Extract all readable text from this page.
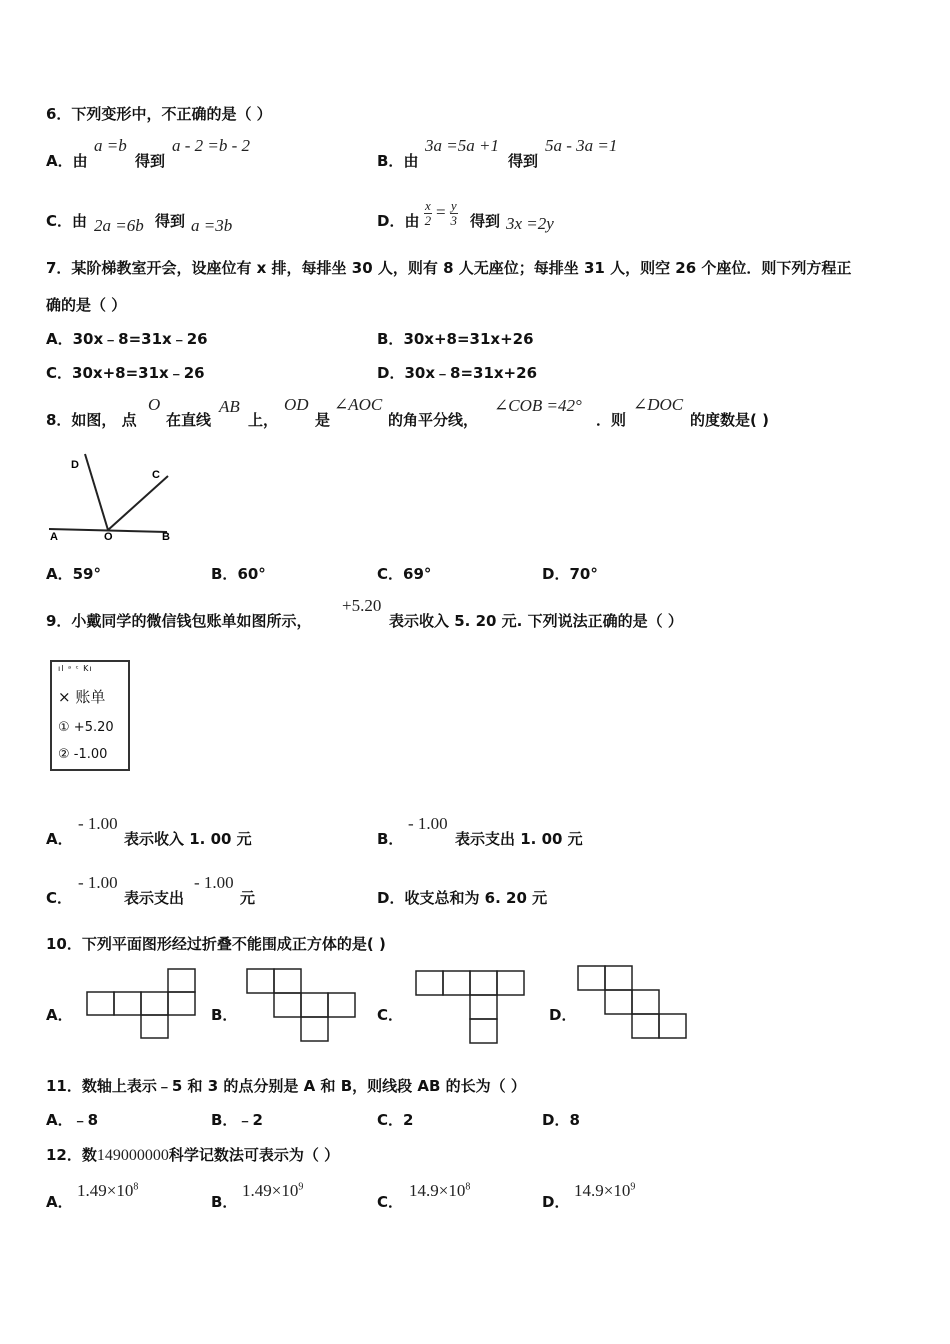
6．下列变形中，不正确的是（ ）
A．由
a =b
得到
a - 2 =b - 2
B．由
3a =5a +1
得到
5a - 3a =1
C．由 2a =6b 得到 a =3b	D．由 $\frac{x}{2} = \frac{y}{3}$ 得到 3x =2y
7．某阶梯教室开会，设座位有 x 排，每排坐 30 人，则有 8 人无座位；每排坐 31 人，则空 26 个座位．则下列方程正
确的是（ ）
A．30x﹣8=31x﹣26	B．30x+8=31x+26
C．30x+8=31x﹣26	D．30x﹣8=31x+26
8．如图， 点
O
在直线
AB
上，
OD
是
∠AOC
的角平分线，
∠COB =42°
．则
∠DOC
的度数是( )
D
C
A	O	B
A．59°	B．60°	C．69°	D．70°
9．小戴同学的微信钱包账单如图所示，
+5.20
表示收入 5. 20 元. 下列说法正确的是（ ）
ıl ᵃ ᶜ Kı
× 账单
① +5.20
② -1.00
A．
- 1.00
表示收入 1. 00 元	B．
- 1.00
表示支出 1. 00 元
C．
- 1.00
表示支出
- 1.00
元	D．收支总和为 6. 20 元
10．下列平面图形经过折叠不能围成正方体的是( )
A．	B．	C．	D．
11．数轴上表示﹣5 和 3 的点分别是 A 和 B，则线段 AB 的长为（ ）
A．﹣8	B．﹣2	C．2	D．8
12．数149000000科学记数法可表示为（ ）
A．
$1.49\times 10^8$
B．
$1.49\times 10^9$
C．
$14.9\times 10^8$
D．
$14.9\times 10^9$
